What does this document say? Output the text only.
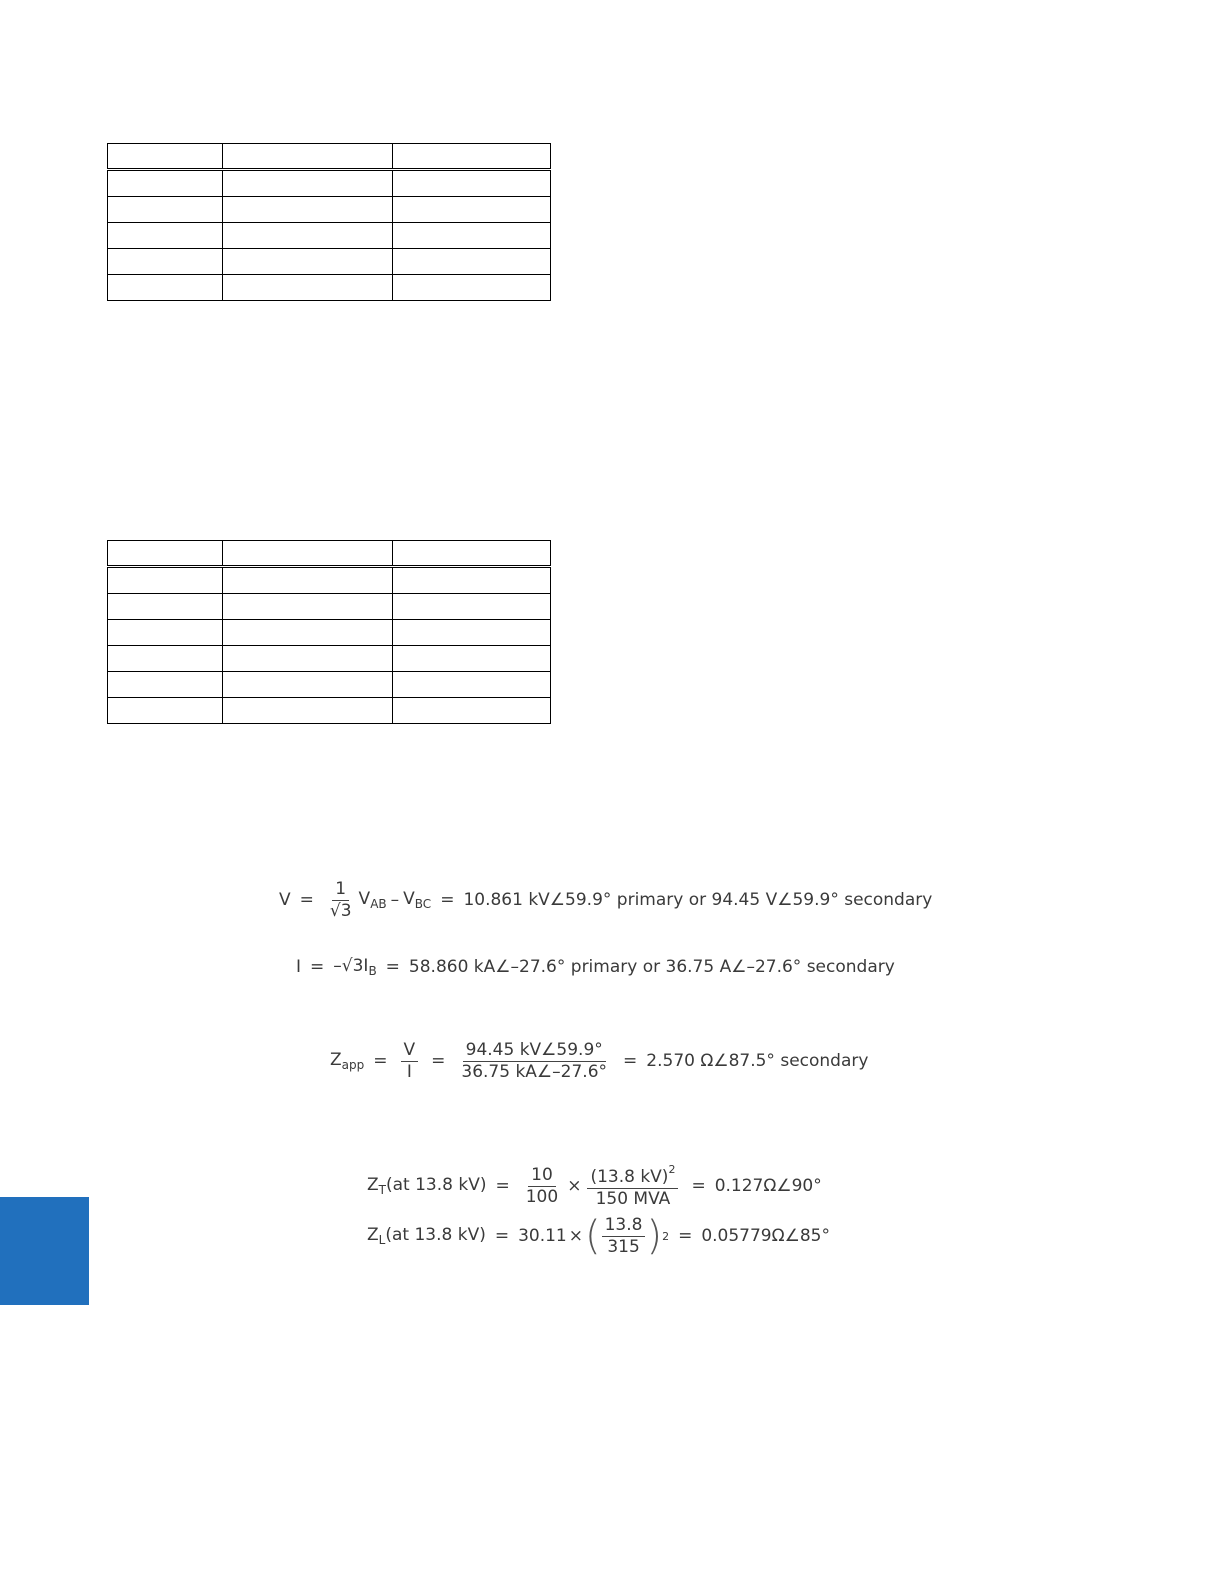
$V = \frac{1}{√3} V_{AB} - V_{BC} = 10.861$ kV∠59.9° primary or 94.45 V∠59.9° secondary
$I = -√3I_B = 58.860$ kA∠–27.6° primary or 36.75 A∠–27.6° secondary
$Z_{app} = \frac{V}{I} = \frac{94.45 kV\angle 59.9^\circ}{36.75 kA\angle-27.6^\circ} = 2.570$ Ω∠87.5° secondary
$Z_T(at$ 13.8 $kV) = \frac{10}{100} \times \frac{(13.8 kV)^2}{\text{150 MVA}}$ = 0.127Ω∠90°
$Z_L(at$ 13.8 kV) = 30.11 × ( $\frac{13.8}{315}$ ) 2 = 0.05779Ω∠85°
